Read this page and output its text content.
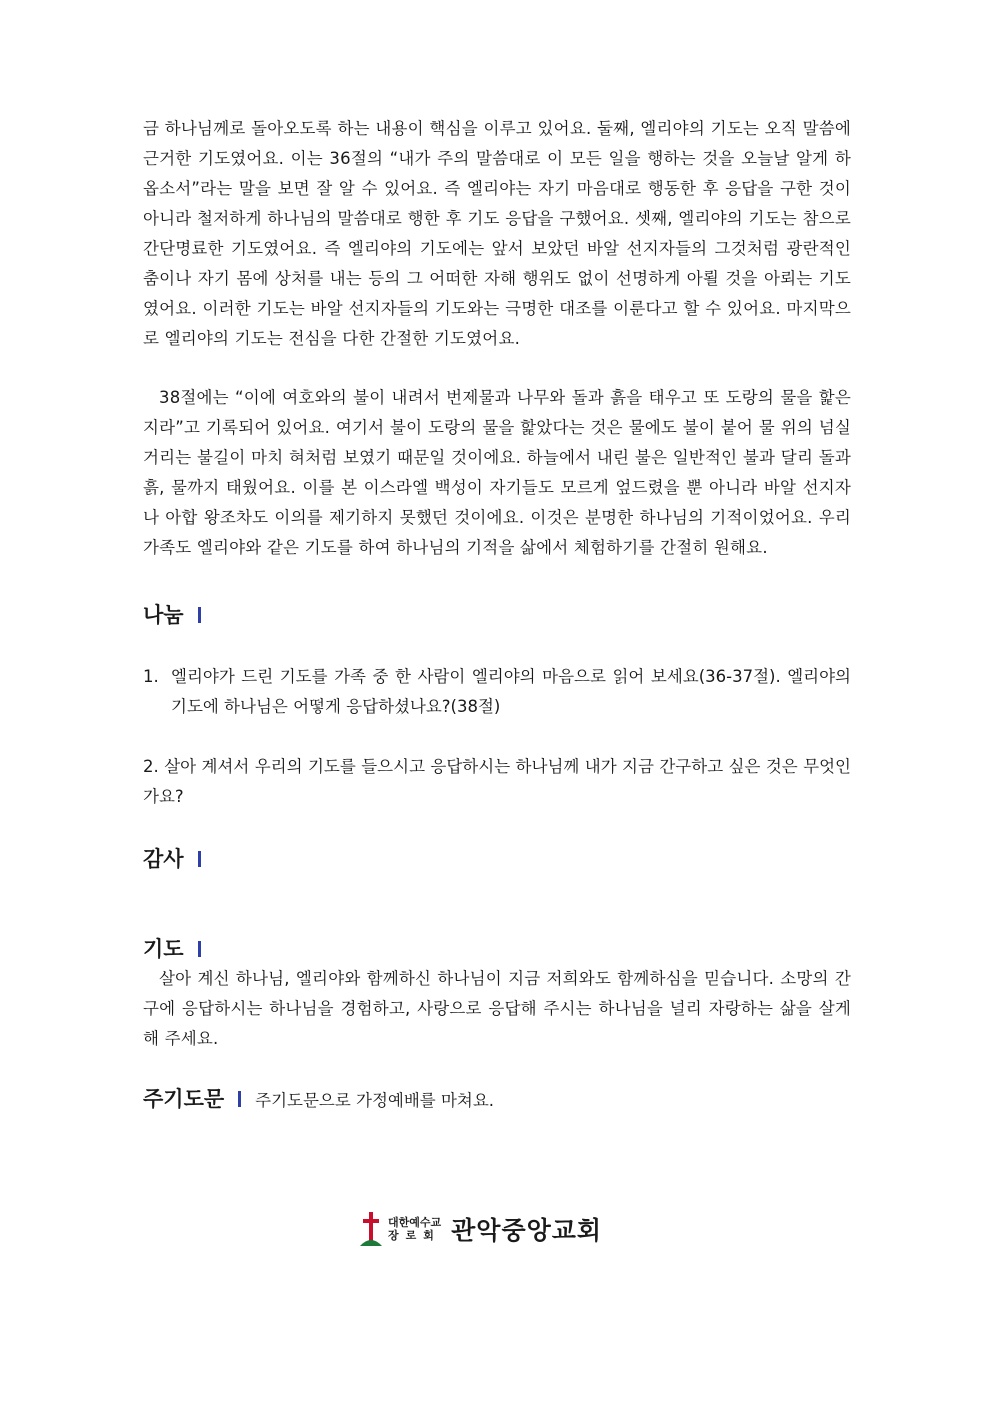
금 하나님께로 돌아오도록 하는 내용이 핵심을 이루고 있어요. 둘째, 엘리야의 기도는 오직 말씀에 근거한 기도였어요. 이는 36절의 “내가 주의 말씀대로 이 모든 일을 행하는 것을 오늘날 알게 하옵소서”라는 말을 보면 잘 알 수 있어요. 즉 엘리야는 자기 마음대로 행동한 후 응답을 구한 것이 아니라 철저하게 하나님의 말씀대로 행한 후 기도 응답을 구했어요. 셋째, 엘리야의 기도는 참으로 간단명료한 기도였어요. 즉 엘리야의 기도에는 앞서 보았던 바알 선지자들의 그것처럼 광란적인 춤이나 자기 몸에 상처를 내는 등의 그 어떠한 자해 행위도 없이 선명하게 아뢸 것을 아뢰는 기도였어요. 이러한 기도는 바알 선지자들의 기도와는 극명한 대조를 이룬다고 할 수 있어요. 마지막으로 엘리야의 기도는 전심을 다한 간절한 기도였어요.

38절에는 “이에 여호와의 불이 내려서 번제물과 나무와 돌과 흙을 태우고 또 도랑의 물을 핥은지라”고 기록되어 있어요. 여기서 불이 도랑의 물을 핥았다는 것은 물에도 불이 붙어 물 위의 넘실거리는 불길이 마치 혀처럼 보였기 때문일 것이에요. 하늘에서 내린 불은 일반적인 불과 달리 돌과 흙, 물까지 태웠어요. 이를 본 이스라엘 백성이 자기들도 모르게 엎드렸을 뿐 아니라 바알 선지자나 아합 왕조차도 이의를 제기하지 못했던 것이에요. 이것은 분명한 하나님의 기적이었어요. 우리 가족도 엘리야와 같은 기도를 하여 하나님의 기적을 삶에서 체험하기를 간절히 원해요.

나눔
1. 엘리야가 드린 기도를 가족 중 한 사람이 엘리야의 마음으로 읽어 보세요(36-37절). 엘리야의 기도에 하나님은 어떻게 응답하셨나요?(38절)
2. 살아 계셔서 우리의 기도를 들으시고 응답하시는 하나님께 내가 지금 간구하고 싶은 것은 무엇인가요?
감사
기도

살아 계신 하나님, 엘리야와 함께하신 하나님이 지금 저희와도 함께하심을 믿습니다. 소망의 간구에 응답하시는 하나님을 경험하고, 사랑으로 응답해 주시는 하나님을 널리 자랑하는 삶을 살게 해 주세요.

주기도문 주기도문으로 가정예배를 마쳐요.
대한예수교
장로회 관악중앙교회
